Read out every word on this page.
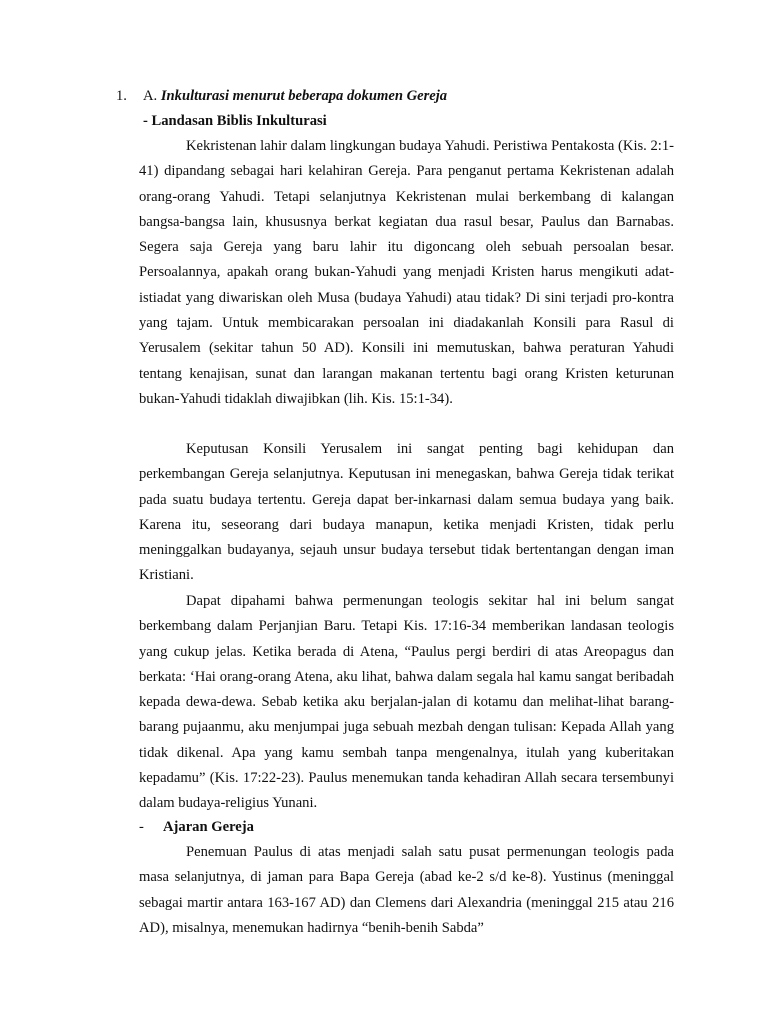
1. A. Inkulturasi menurut beberapa dokumen Gereja
- Landasan Biblis Inkulturasi

Kekristenan lahir dalam lingkungan budaya Yahudi. Peristiwa Pentakosta (Kis. 2:1-41) dipandang sebagai hari kelahiran Gereja. Para penganut pertama Kekristenan adalah orang-orang Yahudi. Tetapi selanjutnya Kekristenan mulai berkembang di kalangan bangsa-bangsa lain, khususnya berkat kegiatan dua rasul besar, Paulus dan Barnabas. Segera saja Gereja yang baru lahir itu digoncang oleh sebuah persoalan besar. Persoalannya, apakah orang bukan-Yahudi yang menjadi Kristen harus mengikuti adat-istiadat yang diwariskan oleh Musa (budaya Yahudi) atau tidak? Di sini terjadi pro-kontra yang tajam. Untuk membicarakan persoalan ini diadakanlah Konsili para Rasul di Yerusalem (sekitar tahun 50 AD). Konsili ini memutuskan, bahwa peraturan Yahudi tentang kenajisan, sunat dan larangan makanan tertentu bagi orang Kristen keturunan bukan-Yahudi tidaklah diwajibkan (lih. Kis. 15:1-34).

Keputusan Konsili Yerusalem ini sangat penting bagi kehidupan dan perkembangan Gereja selanjutnya. Keputusan ini menegaskan, bahwa Gereja tidak terikat pada suatu budaya tertentu. Gereja dapat ber-inkarnasi dalam semua budaya yang baik. Karena itu, seseorang dari budaya manapun, ketika menjadi Kristen, tidak perlu meninggalkan budayanya, sejauh unsur budaya tersebut tidak bertentangan dengan iman Kristiani.

Dapat dipahami bahwa permenungan teologis sekitar hal ini belum sangat berkembang dalam Perjanjian Baru. Tetapi Kis. 17:16-34 memberikan landasan teologis yang cukup jelas. Ketika berada di Atena, “Paulus pergi berdiri di atas Areopagus dan berkata: ‘Hai orang-orang Atena, aku lihat, bahwa dalam segala hal kamu sangat beribadah kepada dewa-dewa. Sebab ketika aku berjalan-jalan di kotamu dan melihat-lihat barang-barang pujaanmu, aku menjumpai juga sebuah mezbah dengan tulisan: Kepada Allah yang tidak dikenal. Apa yang kamu sembah tanpa mengenalnya, itulah yang kuberitakan kepadamu” (Kis. 17:22-23). Paulus menemukan tanda kehadiran Allah secara tersembunyi dalam budaya-religius Yunani.

- Ajaran Gereja

Penemuan Paulus di atas menjadi salah satu pusat permenungan teologis pada masa selanjutnya, di jaman para Bapa Gereja (abad ke-2 s/d ke-8). Yustinus (meninggal sebagai martir antara 163-167 AD) dan Clemens dari Alexandria (meninggal 215 atau 216 AD), misalnya, menemukan hadirnya “benih-benih Sabda”
